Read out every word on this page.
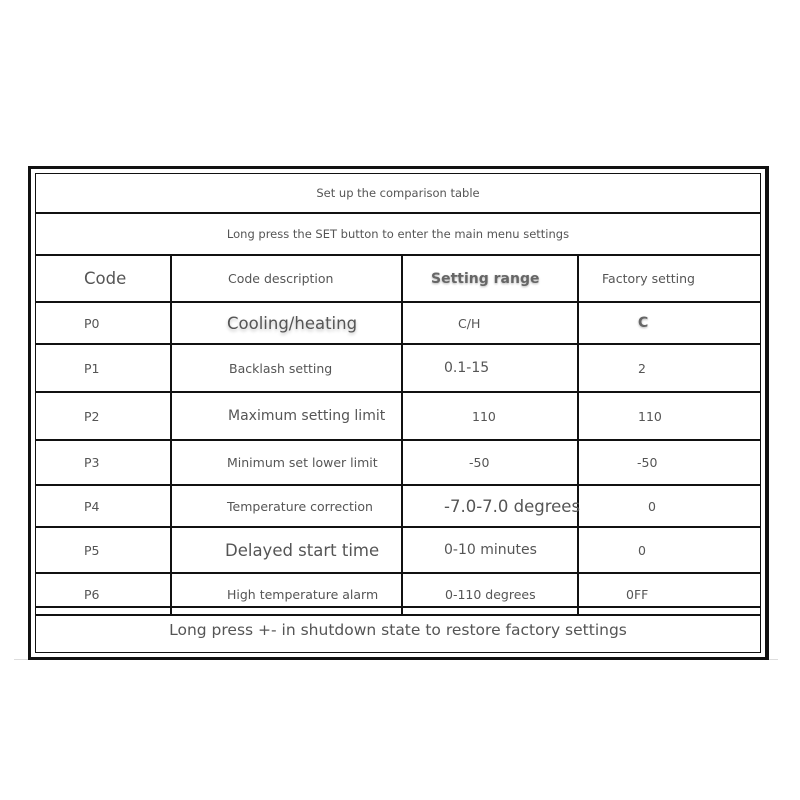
Set up the comparison table
Long press the SET button to enter the main menu settings
Code	Code description	Setting range	Factory setting
P0	Cooling/heating	C/H	C
P1	Backlash setting	0.1-15	2
P2	Maximum setting limit	110	110
P3	Minimum set lower limit	-50	-50
P4	Temperature correction	-7.0-7.0 degrees	0
P5	Delayed start time	0-10 minutes	0
P6	High temperature alarm	0-110 degrees	0FF
Long press +- in shutdown state to restore factory settings
